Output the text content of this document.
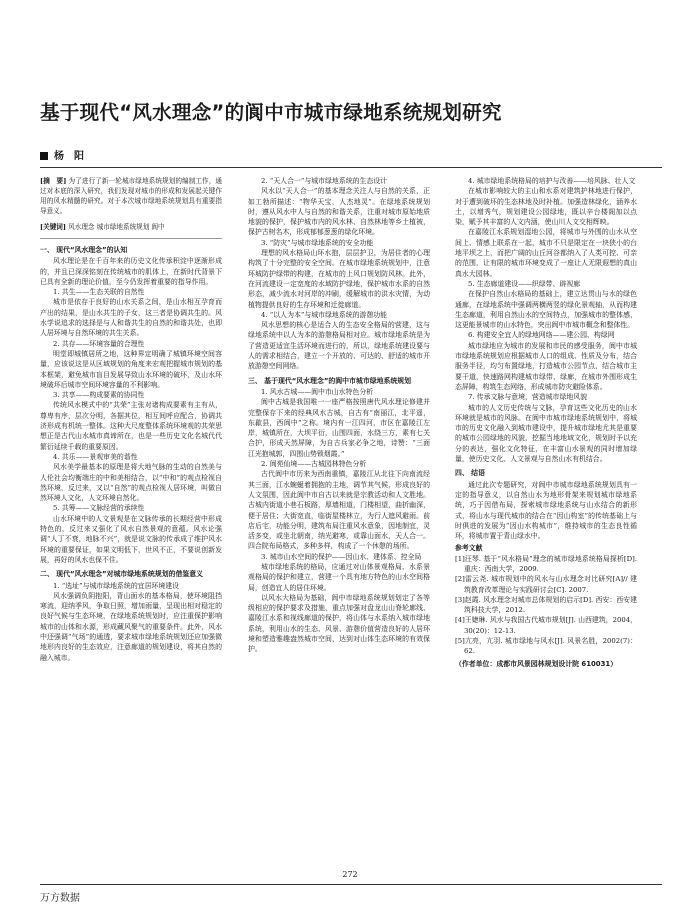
基于现代“风水理念”的阆中市城市绿地系统规划研究
杨　阳

[摘　要] 为了进行了新一轮城市绿地系统规划的编制工作，通过对本底的深入研究，我们发现对城市的形成和发展起关键作用的风水精髓的研究。对于本次城市绿地系统规划具有重要指导意义。

[关键词] 风水理念 城市绿地系统规划 阆中

一、 现代“风水理念”的认知

风水理论是在千百年来的历史文化传承积淀中逐渐形成的，并且已深深铭刻在传统城市的肌体上，在新时代背景下已具有全新的理论价值，至今仍发挥着重要的指导作用。

1. 共生——生态关联的自然性

城市是依存于良好的山水关系之间，是山水相互孕育而产出的结果，是山水共生的子女，这三者是协调共生的。风水学说追求的选择是与人和谐共生的自然的和谐共处，也即人居环境与自然环境的共生关系。

2. 共存——环境容量的合理性

明堂即城镇居所之地，这种界定明确了城镇环境空间容量，应该说这是从区域规划的角度来宏观把握城市规划的基本框架，避免城市盲目发展导致山水环境的破坏，及山水环境破坏后城市空间环境容量的不利影响。

3. 共享——构成要素的协同性

传统风水模式中的“共荣”主张对诸构成要素有主有从，尊卑有序，层次分明，各据其位，相互间呼应配合，协调共济形成有机统一整体。这种大尺度整体系统环境观的共荣思想正是古代山水城市真谛所在，也是一些历史文化名城代代繁衍延续千载的重要原因。

4. 共乐——景观审美的谐性

风水美学最基本的原理是将大地气脉的生动的自然美与人伦社会均衡端庄的中和美相结合，以“中和”的观点检视自然环境，反过来，又以“自然”的观点检视人居环境，叫做自然环境人文化，人文环境自然化。

5. 共筹——文脉经营的承续性

山水环境中的人文景观是在文脉传承的长期经营中形成特色的，反过来又强化了风水自然景观的意蕴。风水论强调“人丁不衰，地脉不兴”，就是说文脉的传承成了维护风水环境的重要保证，如果文明低下，世风不正，不要说创新发展，再好的风水也保不住。

二、 现代“风水理念”对城市绿地系统规划的借鉴意义

1. “选址”与城市绿地系统的宜居环境建设

风水强调负阴抱阳，背山面水的基本格局，使环境阻挡寒流，迎纳季风，争取日照，增加雨量，呈现出相对稳定的良好气候与生态环境，在绿地系统规划时，应注重保护影响城市的山体和水源，形成藏风聚气的重要条件。此外，风水中还强调“气场”的通透，要求城市绿地系统规划还应加强微地形内良好的生态效应，注意廊道的规划建设，将其自然的融入城市。

2. “天人合一”与城市绿地系统的生态设计

风水以“天人合一”的基本理念关注人与自然的关系，正如工勃所描述：“物华天宝，人杰地灵”。在绿地系统规划时，遵从风水中人与自然的和谐关系，注重对城市原始地质地貌的保护，保护城市内的风水林、自然林地等乡土植被，保护古树名木，形成郁郁葱葱的绿化环境。

3. “防灾”与城市绿地系统的安全功能

理想的风水格局山环水抱，层层护卫，为居住者的心理构筑了十分完整的安全空间。在城市绿地系统规划中，注意环城防护绿带的构建，在城市的上风口规划防风林。此外，在河流建设一定宽度的水域防护绿地，保护城市水系的自然形态，减少流水对河岸的冲刷，缓解城市的洪水灾情，为动植物提供良好的生存环境和迁徙廊道。

4. “以人为本”与城市绿地系统的游憩功能

风水思想的核心是适合人的生态安全格局的营建，这与绿地系统中以人为本的游憩格局相对应。城市绿地系统是为了营造更适宜生活环境而进行的，所以，绿地系统建设要与人的需求相结合，建立一个开放的、可达的、舒适的城市开放游憩空间网络。

三、 基于现代“风水理念”的阆中市城市绿地系统规划

1. 风水古城——阆中市山水特色分析

阆中古城是我国唯一一座严格按照唐代风水理论修建并完整保存下来的经典风水古城，自古有“南丽江，北平遥，东歙县，西阆中”之称。境内有一江四河，市区在嘉陵江左岸，城镇所在，大坝平衍，山围四面，水绕三方，素有七关合护，形成天然屏障，为自古兵家必争之地，诗赞：“三面江光抱城郭，四围山势锁烟霞。”

2. 阆苑仙境——古城园林特色分析

古代阆中市历来为西南重镇，嘉陵江从北往下向南流经其三面，江水蜿蜒着拥抱的主地，调节其气候，形成良好的人文氛围，因此阆中市自古以来就是宗教活动和人文胜地。古城内街道小巷石板路，厚墙相道，门楼相望，曲折幽深，便于居住；大街宽直，临街屋楼林立，为行人遮风避雨。前店后宅，功能分明，建筑布局注重风水意象，因地制宜，灵活多变，或坐北朝南，纳光避寒，或靠山面水，天人合一。四合院布局格式，多种多样，构成了一个休憩的场所。

3. 城市山水空间的保护——因山水、建体系、控全局

城市绿地系统的格局，应通过对山体景观格局、水系景观格局的保护和建立，营建一个具有地方特色的山水空间格局，创造宜人的居住环境。

以风水大格局为基础，阆中市绿地系统规划划定了各等级相应的保护要求及措施，重点加强对盘龙山山脊轮廓线、嘉陵江水系和视线廊道的保护，将山体与水系纳入城市绿地系统，利用山水的生态、风景、游憩价值营造良好的人居环境和塑造雅趣盎然城市空间，达到对山体生态环境的有效保护。

4. 城市绿地系统格局的培护与改善——培风脉、壮人文

在城市影响较大的主山和水系对建筑护林地进行保护，对于遭到破坏的生态林地及时补植。加强造林绿化，涵养水土，以增秀气，规划建设公园绿地，既以辛台楼阁加以点染，赋予其丰富的人文内涵，使山川人文交相辉映。

在嘉陵江水系规划湿地公园，将城市与外围的山水从空间上、情感上联系在一起，城市不只是限定在一块狭小的台地平坝之上，而把广阔的山丘河谷都纳入了人类可控、可亲的范围，让有限的城市环境变成了一座让人无限遐想的真山真水大园林。

5. 生态廊道建设——织绿带、辟视廊

在保护自然山水格局的基础上，建立达贯山与水的绿色通廊，在绿地系统中强调两横两竖的绿化景观轴，从而构建生态廊道，利用自然山水的空间特点，加强城市的整体感，这更能景城市的山水特色，突出阆中市城市概念和整体性。

6. 构建安全宜人的绿地网络——建公园、构绿网

城市绿地应为城市的发展和市民的感受服务，阆中市城市绿地系统规划应根据城市人口的组成、性质及分布，结合服务半径，均匀布置绿地，打造城市公园节点，结合城市主要干道，快速路网构建城市绿带、绿廊，在城市外围形成生态屏障，构筑生态网络，形成城市防灾避险体系。

7. 传承文脉与意境，营造城市绿地风貌

城市的人文历史传统与文脉，孕育这些文化历史的山水环境就是城市的风脉。在阆中市城市绿地系统规划中，将城市的历史文化融入到城市建设中，提升城市绿地尤其是重要的城市公园绿地的风貌，挖掘当地地域文化，规划时予以充分的表达，强化文化特征，在丰富山水景观的同时增加绿量，使历史文化、人文景观与自然山水有机结合。

四、 结语

通过此次专题研究，对阆中市城市绿地系统规划具有一定的指导意义，以自然山水为地形骨架来规划城市绿地系统，巧于因借布局，探索城市绿地系统与山水结合的新形式，将山水与现代城市的结合在“因山构室”的传统基础上与时俱进的发展为“因山水构城市”，维持城市的生态良性循环，将城市置于青山绿水中。

参考文献

[1]汪琴. 基于“风水格局”理念的城市绿地系统格局探析[D]. 重庆：西南大学，2009.

[2]雷云尧. 城市规划中的风水与山水理念对比研究[A]// 建筑教育改革理论与实践研讨会[C]. 2007.

[3]赵霞. 风水理念对城市总体规划的启示[D]. 西安：西安建筑科技大学，2012.

[4]王婕琳. 风水与我国古代城市规划[J]. 山西建筑，2004，30(20)：12-13.

[5]亢亮，亢羽. 城市绿地与风水[J]. 风景名胜，2002(7)：62.

（作者单位：成都市风景园林规划设计院 610031）

272
万方数据
